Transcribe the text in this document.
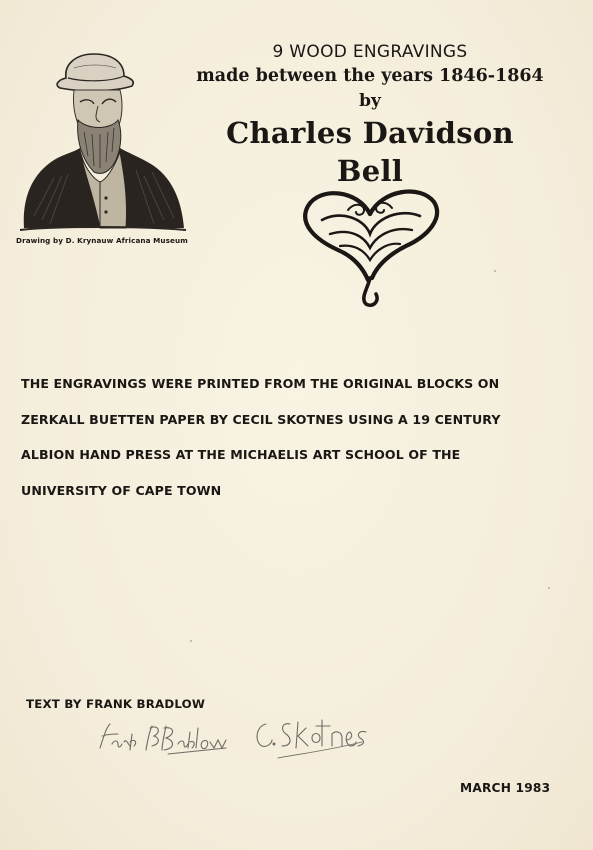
Drawing by D. Krynauw Africana Museum

9 WOOD ENGRAVINGS

made between the years 1846-1864

by

Charles Davidson Bell

THE ENGRAVINGS WERE PRINTED FROM THE ORIGINAL BLOCKS ON
ZERKALL BUETTEN PAPER BY CECIL SKOTNES USING A 19 CENTURY
ALBION HAND PRESS AT THE MICHAELIS ART SCHOOL OF THE
UNIVERSITY OF CAPE TOWN
TEXT BY FRANK BRADLOW
MARCH 1983
